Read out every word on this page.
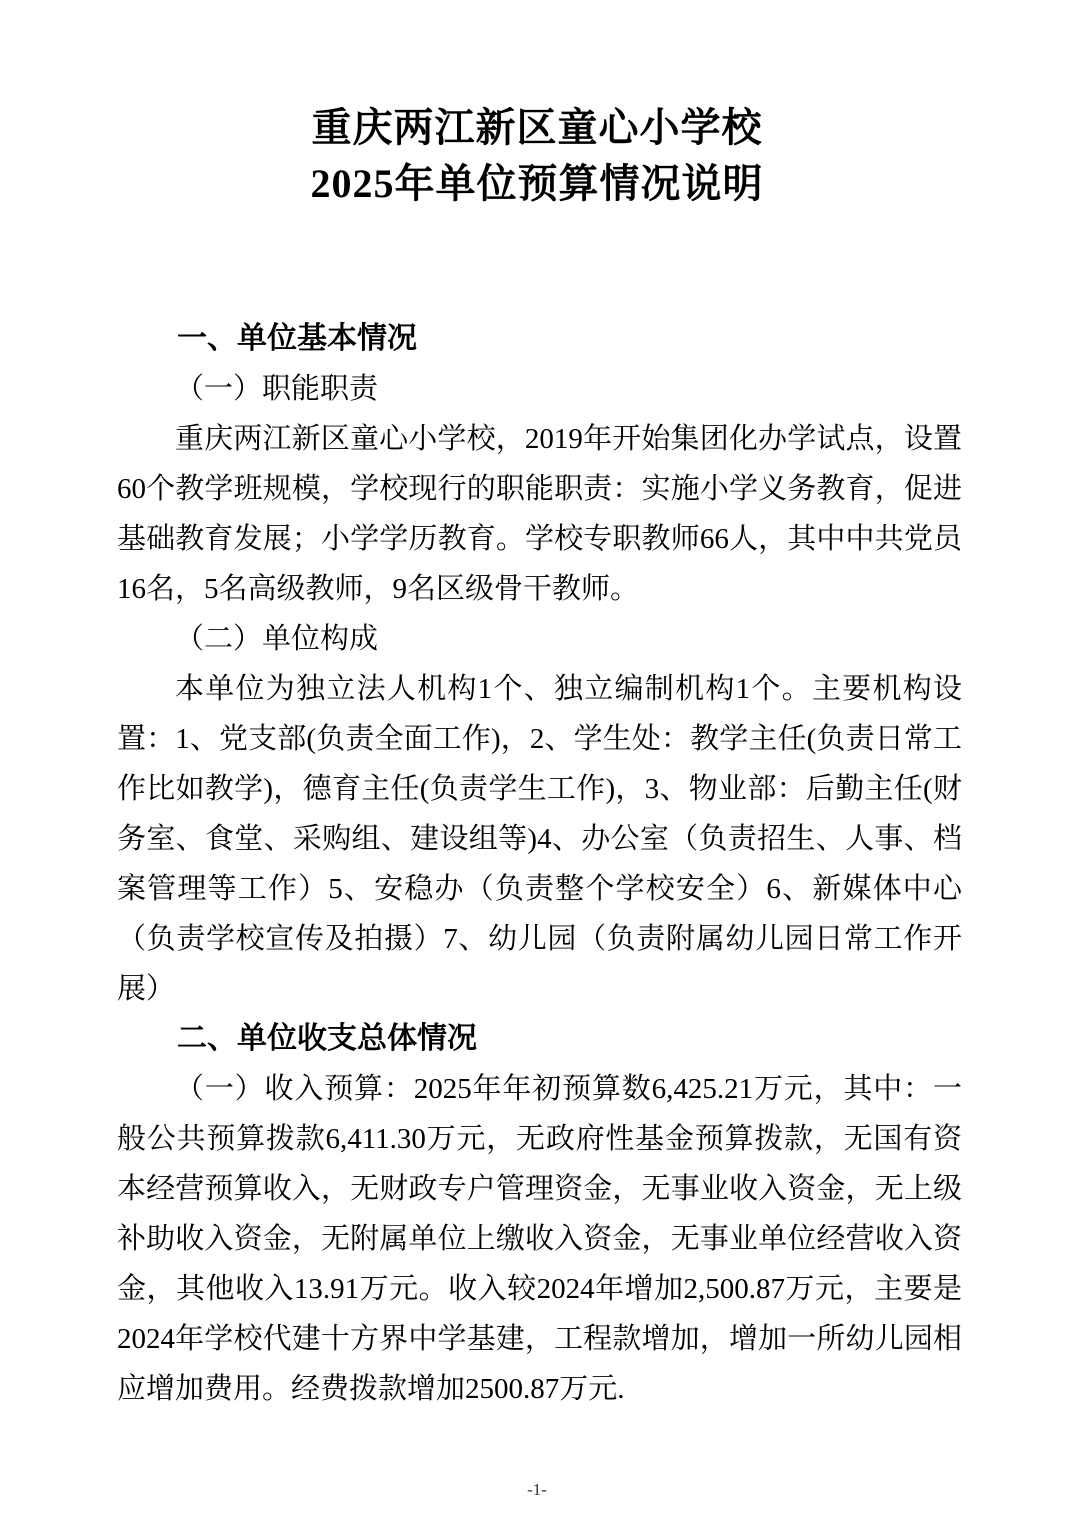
重庆两江新区童心小学校
2025年单位预算情况说明
一、单位基本情况
（一）职能职责
重庆两江新区童心小学校，2019年开始集团化办学试点，设置60个教学班规模，学校现行的职能职责：实施小学义务教育，促进基础教育发展；小学学历教育。学校专职教师66人，其中中共党员16名，5名高级教师，9名区级骨干教师。
（二）单位构成
本单位为独立法人机构1个、独立编制机构1个。主要机构设置：1、党支部(负责全面工作)，2、学生处：教学主任(负责日常工作比如教学)，德育主任(负责学生工作)，3、物业部：后勤主任(财务室、食堂、采购组、建设组等)4、办公室（负责招生、人事、档案管理等工作）5、安稳办（负责整个学校安全）6、新媒体中心（负责学校宣传及拍摄）7、幼儿园（负责附属幼儿园日常工作开展）
二、单位收支总体情况
（一）收入预算：2025年年初预算数6,425.21万元，其中：一般公共预算拨款6,411.30万元，无政府性基金预算拨款，无国有资本经营预算收入，无财政专户管理资金，无事业收入资金，无上级补助收入资金，无附属单位上缴收入资金，无事业单位经营收入资金，其他收入13.91万元。收入较2024年增加2,500.87万元，主要是2024年学校代建十方界中学基建，工程款增加，增加一所幼儿园相应增加费用。经费拨款增加2500.87万元.
-1-
